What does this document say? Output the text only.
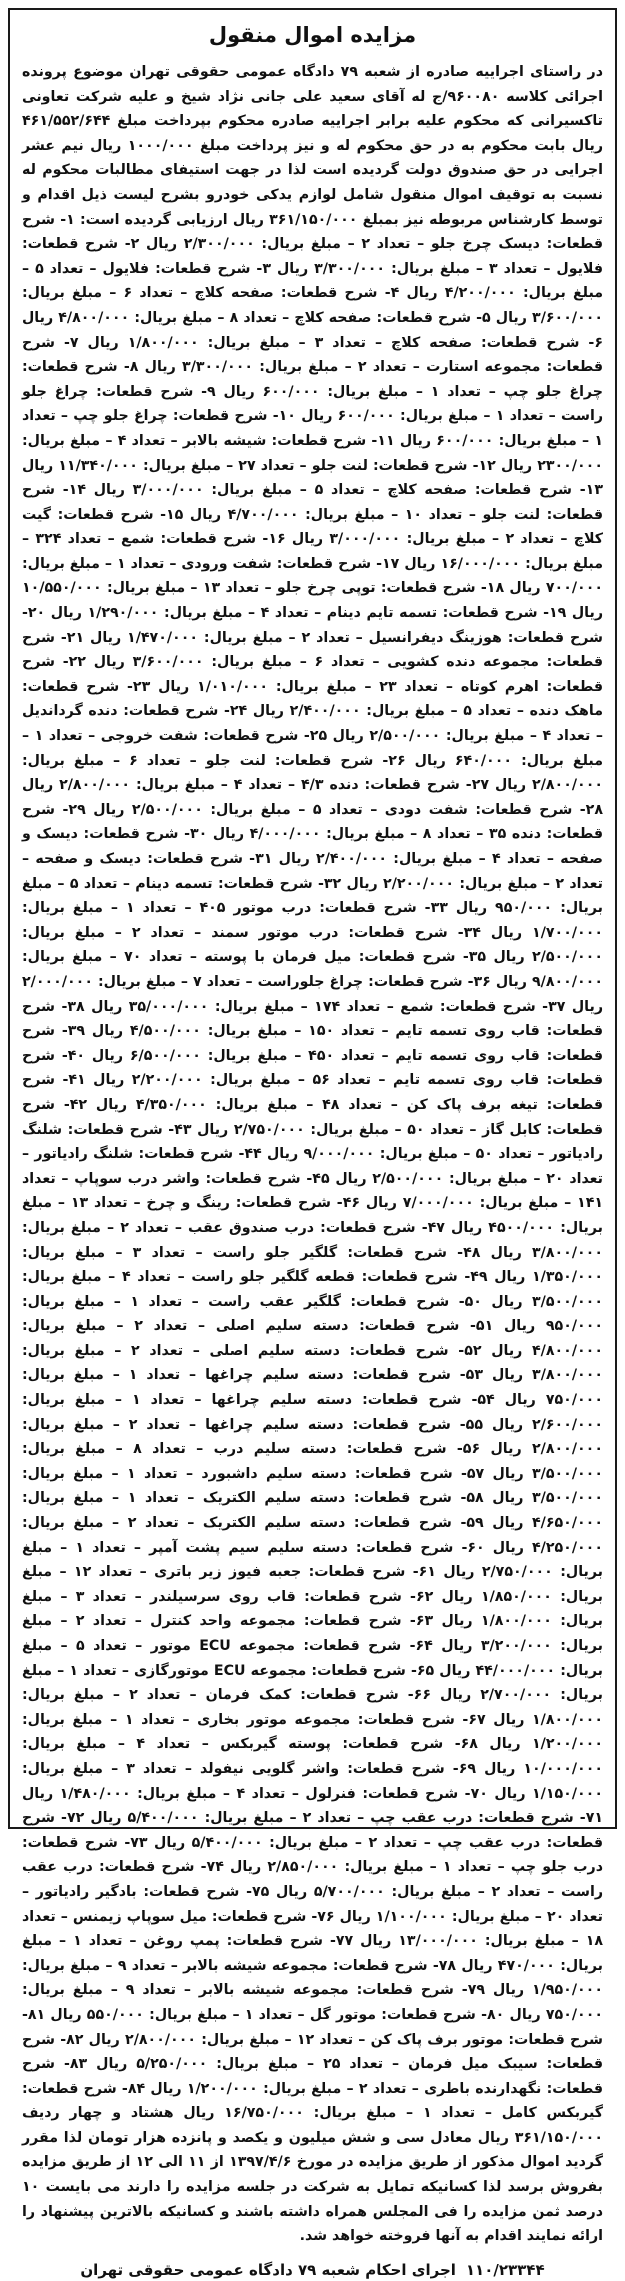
مزایده اموال منقول

در راستای اجراییه صادره از شعبه ۷۹ دادگاه عمومی حقوقی تهران موضوع پرونده اجرائی کلاسه ۹۶۰۰۸۰/ج له آقای سعید علی جانی نژاد شیخ و علیه شرکت تعاونی تاکسیرانی که محکوم علیه برابر اجراییه صادره محکوم بپرداخت مبلغ ۴۶۱/۵۵۲/۶۴۴ ریال بابت محکوم به در حق محکوم له و نیز پرداخت مبلغ ۱۰۰۰/۰۰۰ ریال نیم عشر اجرایی در حق صندوق دولت گردیده است لذا در جهت استیفای مطالبات محکوم له نسبت به توقیف اموال منقول شامل لوازم یدکی خودرو بشرح لیست ذیل اقدام و توسط کارشناس مربوطه نیز بمبلغ ۳۶۱/۱۵۰/۰۰۰ ریال ارزیابی گردیده است: ۱- شرح قطعات: دیسک چرخ جلو – تعداد ۲ – مبلغ بریال: ۲/۳۰۰/۰۰۰ ریال ۲- شرح قطعات: فلایول – تعداد ۳ – مبلغ بریال: ۳/۳۰۰/۰۰۰ ریال ۳- شرح قطعات: فلایول – تعداد ۵ – مبلغ بریال: ۴/۲۰۰/۰۰۰ ریال ۴- شرح قطعات: صفحه کلاچ – تعداد ۶ – مبلغ بریال: ۳/۶۰۰/۰۰۰ ریال ۵- شرح قطعات: صفحه کلاچ – تعداد ۸ – مبلغ بریال: ۴/۸۰۰/۰۰۰ ریال ۶- شرح قطعات: صفحه کلاچ – تعداد ۳ – مبلغ بریال: ۱/۸۰۰/۰۰۰ ریال ۷- شرح قطعات: مجموعه استارت – تعداد ۲ – مبلغ بریال: ۳/۳۰۰/۰۰۰ ریال ۸- شرح قطعات: چراغ جلو چپ – تعداد ۱ – مبلغ بریال: ۶۰۰/۰۰۰ ریال ۹- شرح قطعات: چراغ جلو راست – تعداد ۱ – مبلغ بریال: ۶۰۰/۰۰۰ ریال ۱۰- شرح قطعات: چراغ جلو چپ – تعداد ۱ – مبلغ بریال: ۶۰۰/۰۰۰ ریال ۱۱- شرح قطعات: شیشه بالابر – تعداد ۴ – مبلغ بریال: ۲۳۰۰/۰۰۰ ریال ۱۲- شرح قطعات: لنت جلو – تعداد ۲۷ – مبلغ بریال: ۱۱/۳۴۰/۰۰۰ ریال ۱۳- شرح قطعات: صفحه کلاچ – تعداد ۵ – مبلغ بریال: ۳/۰۰۰/۰۰۰ ریال ۱۴- شرح قطعات: لنت جلو – تعداد ۱۰ – مبلغ بریال: ۴/۷۰۰/۰۰۰ ریال ۱۵- شرح قطعات: گیت کلاچ – تعداد ۲ – مبلغ بریال: ۳/۰۰۰/۰۰۰ ریال ۱۶- شرح قطعات: شمع – تعداد ۳۲۴ – مبلغ بریال: ۱۶/۰۰۰/۰۰۰ ریال ۱۷- شرح قطعات: شفت ورودی – تعداد ۱ – مبلغ بریال: ۷۰۰/۰۰۰ ریال ۱۸- شرح قطعات: توپی چرخ جلو – تعداد ۱۳ – مبلغ بریال: ۱۰/۵۵۰/۰۰۰ ریال ۱۹- شرح قطعات: تسمه تایم دینام – تعداد ۴ – مبلغ بریال: ۱/۲۹۰/۰۰۰ ریال ۲۰- شرح قطعات: هوزینگ دیفرانسیل – تعداد ۲ – مبلغ بریال: ۱/۴۷۰/۰۰۰ ریال ۲۱- شرح قطعات: مجموعه دنده کشویی – تعداد ۶ – مبلغ بریال: ۳/۶۰۰/۰۰۰ ریال ۲۲- شرح قطعات: اهرم کوتاه – تعداد ۲۳ – مبلغ بریال: ۱/۰۱۰/۰۰۰ ریال ۲۳- شرح قطعات: ماهک دنده – تعداد ۵ – مبلغ بریال: ۲/۴۰۰/۰۰۰ ریال ۲۴- شرح قطعات: دنده گرداندیل – تعداد ۴ – مبلغ بریال: ۲/۵۰۰/۰۰۰ ریال ۲۵- شرح قطعات: شفت خروجی – تعداد ۱ – مبلغ بریال: ۶۴۰/۰۰۰ ریال ۲۶- شرح قطعات: لنت جلو – تعداد ۶ – مبلغ بریال: ۲/۸۰۰/۰۰۰ ریال ۲۷- شرح قطعات: دنده ۴/۳ – تعداد ۴ – مبلغ بریال: ۲/۸۰۰/۰۰۰ ریال ۲۸- شرح قطعات: شفت دودی – تعداد ۵ – مبلغ بریال: ۲/۵۰۰/۰۰۰ ریال ۲۹- شرح قطعات: دنده ۳۵ – تعداد ۸ – مبلغ بریال: ۴/۰۰۰/۰۰۰ ریال ۳۰- شرح قطعات: دیسک و صفحه – تعداد ۴ – مبلغ بریال: ۲/۴۰۰/۰۰۰ ریال ۳۱- شرح قطعات: دیسک و صفحه – تعداد ۲ – مبلغ بریال: ۲/۲۰۰/۰۰۰ ریال ۳۲- شرح قطعات: تسمه دینام – تعداد ۵ – مبلغ بریال: ۹۵۰/۰۰۰ ریال ۳۳- شرح قطعات: درب موتور ۴۰۵ – تعداد ۱ – مبلغ بریال: ۱/۷۰۰/۰۰۰ ریال ۳۴- شرح قطعات: درب موتور سمند – تعداد ۲ – مبلغ بریال: ۲/۵۰۰/۰۰۰ ریال ۳۵- شرح قطعات: میل فرمان با پوسته – تعداد ۷۰ – مبلغ بریال: ۹/۸۰۰/۰۰۰ ریال ۳۶- شرح قطعات: چراغ جلوراست – تعداد ۷ – مبلغ بریال: ۲/۰۰۰/۰۰۰ ریال ۳۷- شرح قطعات: شمع – تعداد ۱۷۴ – مبلغ بریال: ۳۵/۰۰۰/۰۰۰ ریال ۳۸- شرح قطعات: قاب روی تسمه تایم – تعداد ۱۵۰ – مبلغ بریال: ۴/۵۰۰/۰۰۰ ریال ۳۹- شرح قطعات: قاب روی تسمه تایم – تعداد ۴۵۰ – مبلغ بریال: ۶/۵۰۰/۰۰۰ ریال ۴۰- شرح قطعات: قاب روی تسمه تایم – تعداد ۵۶ – مبلغ بریال: ۲/۲۰۰/۰۰۰ ریال ۴۱- شرح قطعات: تیغه برف پاک کن – تعداد ۴۸ – مبلغ بریال: ۴/۳۵۰/۰۰۰ ریال ۴۲- شرح قطعات: کابل گاز – تعداد ۵۰ – مبلغ بریال: ۲/۷۵۰/۰۰۰ ریال ۴۳- شرح قطعات: شلنگ رادیاتور – تعداد ۵۰ – مبلغ بریال: ۹/۰۰۰/۰۰۰ ریال ۴۴- شرح قطعات: شلنگ رادیاتور – تعداد ۲۰ – مبلغ بریال: ۲/۵۰۰/۰۰۰ ریال ۴۵- شرح قطعات: واشر درب سوپاپ – تعداد ۱۴۱ – مبلغ بریال: ۷/۰۰۰/۰۰۰ ریال ۴۶- شرح قطعات: رینگ و چرخ – تعداد ۱۳ – مبلغ بریال: ۴۵۰۰/۰۰۰ ریال ۴۷- شرح قطعات: درب صندوق عقب – تعداد ۲ – مبلغ بریال: ۳/۸۰۰/۰۰۰ ریال ۴۸- شرح قطعات: گلگیر جلو راست – تعداد ۳ – مبلغ بریال: ۱/۳۵۰/۰۰۰ ریال ۴۹- شرح قطعات: قطعه گلگیر جلو راست – تعداد ۴ – مبلغ بریال: ۳/۵۰۰/۰۰۰ ریال ۵۰- شرح قطعات: گلگیر عقب راست – تعداد ۱ – مبلغ بریال: ۹۵۰/۰۰۰ ریال ۵۱- شرح قطعات: دسته سلیم اصلی – تعداد ۲ – مبلغ بریال: ۴/۸۰۰/۰۰۰ ریال ۵۲- شرح قطعات: دسته سلیم اصلی – تعداد ۲ – مبلغ بریال: ۳/۸۰۰/۰۰۰ ریال ۵۳- شرح قطعات: دسته سلیم چراغها – تعداد ۱ – مبلغ بریال: ۷۵۰/۰۰۰ ریال ۵۴- شرح قطعات: دسته سلیم چراغها – تعداد ۱ – مبلغ بریال: ۲/۶۰۰/۰۰۰ ریال ۵۵- شرح قطعات: دسته سلیم چراغها – تعداد ۲ – مبلغ بریال: ۲/۸۰۰/۰۰۰ ریال ۵۶- شرح قطعات: دسته سلیم درب – تعداد ۸ – مبلغ بریال: ۳/۵۰۰/۰۰۰ ریال ۵۷- شرح قطعات: دسته سلیم داشبورد – تعداد ۱ – مبلغ بریال: ۳/۵۰۰/۰۰۰ ریال ۵۸- شرح قطعات: دسته سلیم الکتریک – تعداد ۱ – مبلغ بریال: ۴/۶۵۰/۰۰۰ ریال ۵۹- شرح قطعات: دسته سلیم الکتریک – تعداد ۲ – مبلغ بریال: ۴/۲۵۰/۰۰۰ ریال ۶۰- شرح قطعات: دسته سلیم سیم پشت آمپر – تعداد ۱ – مبلغ بریال: ۲/۷۵۰/۰۰۰ ریال ۶۱- شرح قطعات: جعبه فیوز زیر باتری – تعداد ۱۲ – مبلغ بریال: ۱/۸۵۰/۰۰۰ ریال ۶۲- شرح قطعات: قاب روی سرسیلندر – تعداد ۳ – مبلغ بریال: ۱/۸۰۰/۰۰۰ ریال ۶۳- شرح قطعات: مجموعه واحد کنترل – تعداد ۲ – مبلغ بریال: ۳/۲۰۰/۰۰۰ ریال ۶۴- شرح قطعات: مجموعه ECU موتور – تعداد ۵ – مبلغ بریال: ۴۴/۰۰۰/۰۰۰ ریال ۶۵- شرح قطعات: مجموعه ECU موتورگازی – تعداد ۱ – مبلغ بریال: ۲/۷۰۰/۰۰۰ ریال ۶۶- شرح قطعات: کمک فرمان – تعداد ۲ – مبلغ بریال: ۱/۸۰۰/۰۰۰ ریال ۶۷- شرح قطعات: مجموعه موتور بخاری – تعداد ۱ – مبلغ بریال: ۱/۲۰۰/۰۰۰ ریال ۶۸- شرح قطعات: پوسته گیربکس – تعداد ۴ – مبلغ بریال: ۱۰/۰۰۰/۰۰۰ ریال ۶۹- شرح قطعات: واشر گلویی نیفولد – تعداد ۳ – مبلغ بریال: ۱/۱۵۰/۰۰۰ ریال ۷۰- شرح قطعات: فنرلول – تعداد ۴ – مبلغ بریال: ۱/۴۸۰/۰۰۰ ریال ۷۱- شرح قطعات: درب عقب چپ – تعداد ۲ – مبلغ بریال: ۵/۴۰۰/۰۰۰ ریال ۷۲- شرح قطعات: درب عقب چپ – تعداد ۲ – مبلغ بریال: ۵/۴۰۰/۰۰۰ ریال ۷۳- شرح قطعات: درب جلو چپ – تعداد ۱ – مبلغ بریال: ۲/۸۵۰/۰۰۰ ریال ۷۴- شرح قطعات: درب عقب راست – تعداد ۲ – مبلغ بریال: ۵/۷۰۰/۰۰۰ ریال ۷۵- شرح قطعات: بادگیر رادیاتور – تعداد ۲۰ – مبلغ بریال: ۱/۱۰۰/۰۰۰ ریال ۷۶- شرح قطعات: میل سوپاپ زیمنس – تعداد ۱۸ – مبلغ بریال: ۱۳/۰۰۰/۰۰۰ ریال ۷۷- شرح قطعات: پمپ روغن – تعداد ۱ – مبلغ بریال: ۴۷۰/۰۰۰ ریال ۷۸- شرح قطعات: مجموعه شیشه بالابر – تعداد ۹ – مبلغ بریال: ۱/۹۵۰/۰۰۰ ریال ۷۹- شرح قطعات: مجموعه شیشه بالابر – تعداد ۹ – مبلغ بریال: ۷۵۰/۰۰۰ ریال ۸۰- شرح قطعات: موتور گل – تعداد ۱ – مبلغ بریال: ۵۵۰/۰۰۰ ریال ۸۱- شرح قطعات: موتور برف پاک کن – تعداد ۱۲ – مبلغ بریال: ۲/۸۰۰/۰۰۰ ریال ۸۲- شرح قطعات: سیبک میل فرمان – تعداد ۲۵ – مبلغ بریال: ۵/۲۵۰/۰۰۰ ریال ۸۳- شرح قطعات: نگهدارنده باطری – تعداد ۲ – مبلغ بریال: ۱/۲۰۰/۰۰۰ ریال ۸۴- شرح قطعات: گیربکس کامل – تعداد ۱ – مبلغ بریال: ۱۶/۷۵۰/۰۰۰ ریال هشتاد و چهار ردیف ۳۶۱/۱۵۰/۰۰۰ ریال معادل سی و شش میلیون و یکصد و پانزده هزار تومان لذا مقرر گردید اموال مذکور از طریق مزایده در مورخ ۱۳۹۷/۴/۶ از ۱۱ الی ۱۲ از طریق مزایده بفروش برسد لذا کسانیکه تمایل به شرکت در جلسه مزایده را دارند می بایست ۱۰ درصد ثمن مزایده را فی المجلس همراه داشته باشند و کسانیکه بالاترین پیشنهاد را ارائه نمایند اقدام به آنها فروخته خواهد شد.

۱۱۰/۲۳۳۴۴
اجرای احکام شعبه ۷۹ دادگاه عمومی حقوقی تهران
